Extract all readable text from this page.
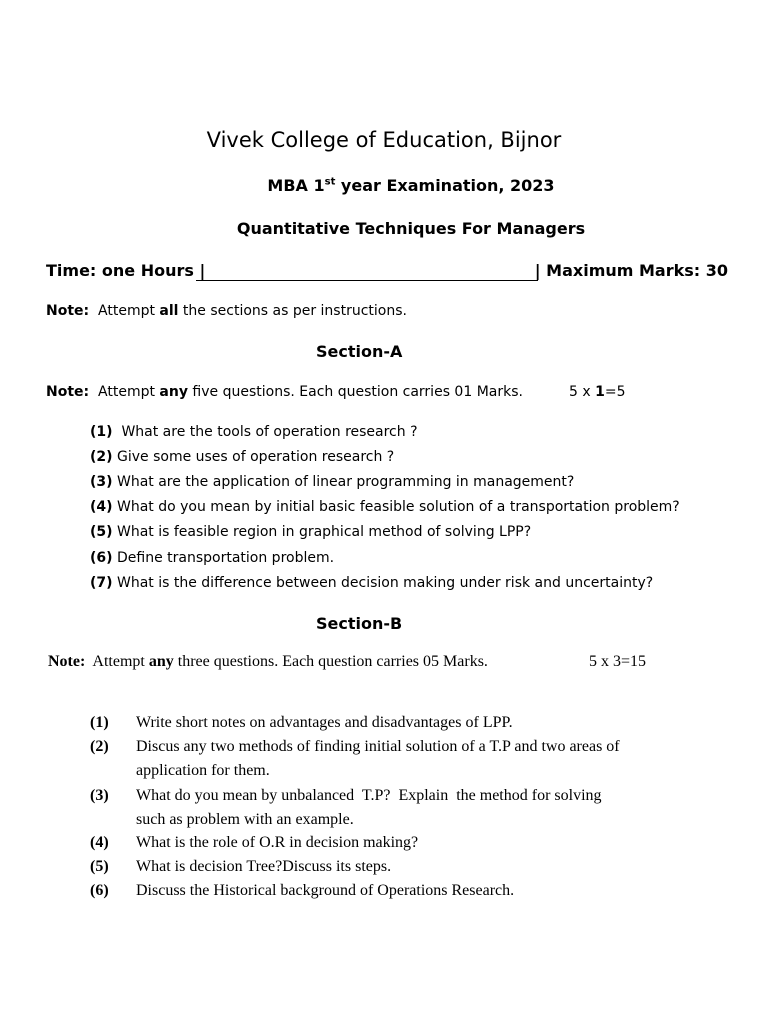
Vivek College of Education, Bijnor
MBA 1st year Examination, 2023
Quantitative Techniques For Managers
Time: one Hours |	| Maximum Marks: 30
Note:  Attempt all the sections as per instructions.
Section-A
Note:  Attempt any five questions. Each question carries 01 Marks.	5 x 1=5
(1)  What are the tools of operation research ?
(2) Give some uses of operation research ?
(3) What are the application of linear programming in management?
(4) What do you mean by initial basic feasible solution of a transportation problem?
(5) What is feasible region in graphical method of solving LPP?
(6) Define transportation problem.
(7) What is the difference between decision making under risk and uncertainty?
Section-B
Note:  Attempt any three questions. Each question carries 05 Marks.	5 x 3=15
(1) Write short notes on advantages and disadvantages of LPP.
(2) Discus any two methods of finding initial solution of a T.P and two areas of
application for them.
(3) What do you mean by unbalanced  T.P?  Explain  the method for solving
such as problem with an example.
(4) What is the role of O.R in decision making?
(5) What is decision Tree?Discuss its steps.
(6) Discuss the Historical background of Operations Research.
